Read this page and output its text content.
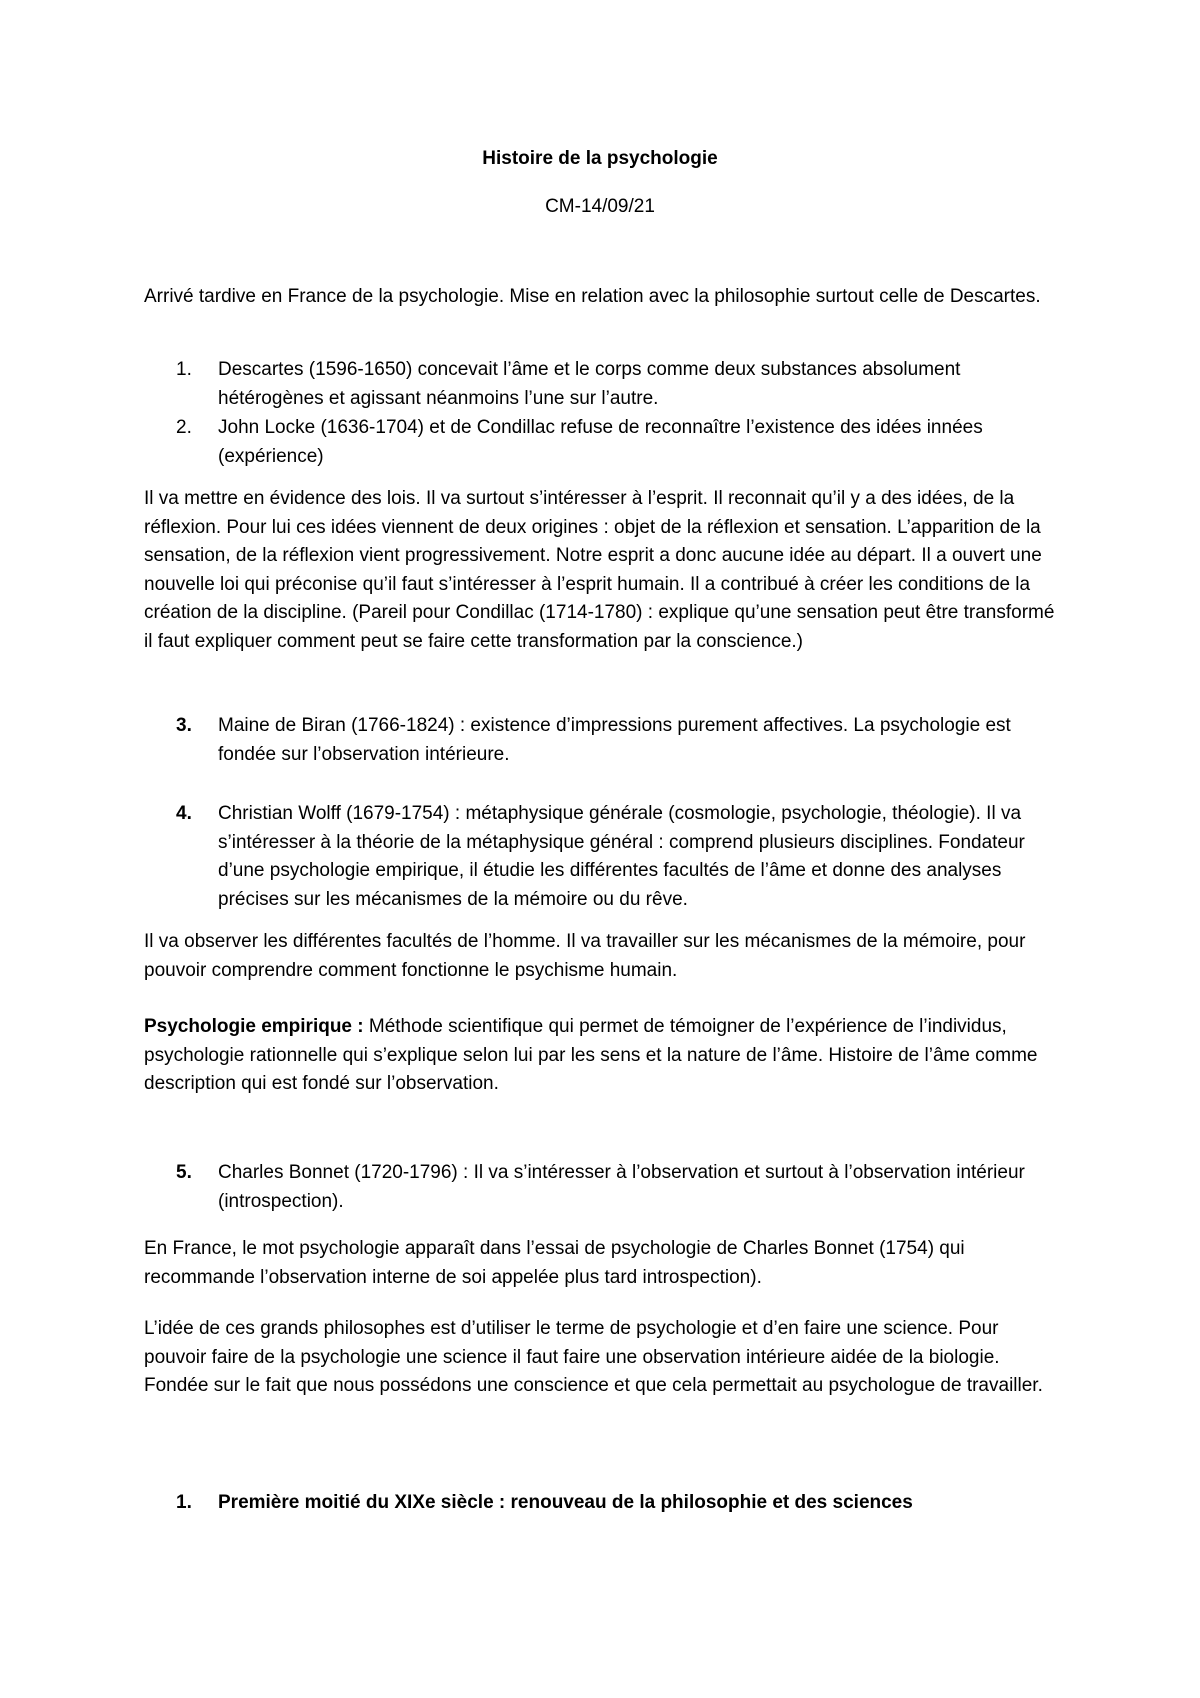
Histoire de la psychologie

CM-14/09/21

Arrivé tardive en France de la psychologie. Mise en relation avec la philosophie surtout celle de Descartes.

1.	Descartes (1596-1650) concevait l’âme et le corps comme deux substances absolument hétérogènes et agissant néanmoins l’une sur l’autre.
2.	John Locke (1636-1704) et de Condillac refuse de reconnaître l’existence des idées innées (expérience)

Il va mettre en évidence des lois. Il va surtout s’intéresser à l’esprit. Il reconnait qu’il y a des idées, de la réflexion. Pour lui ces idées viennent de deux origines : objet de la réflexion et sensation. L’apparition de la sensation, de la réflexion vient progressivement. Notre esprit a donc aucune idée au départ. Il a ouvert une nouvelle loi qui préconise qu’il faut s’intéresser à l’esprit humain. Il a contribué à créer les conditions de la création de la discipline. (Pareil pour Condillac (1714-1780) : explique qu’une sensation peut être transformé il faut expliquer comment peut se faire cette transformation par la conscience.)

3.	Maine de Biran (1766-1824) : existence d’impressions purement affectives. La psychologie est fondée sur l’observation intérieure.
4.	Christian Wolff (1679-1754) : métaphysique générale (cosmologie, psychologie, théologie). Il va s’intéresser à la théorie de la métaphysique général : comprend plusieurs disciplines. Fondateur d’une psychologie empirique, il étudie les différentes facultés de l’âme et donne des analyses précises sur les mécanismes de la mémoire ou du rêve.

Il va observer les différentes facultés de l’homme. Il va travailler sur les mécanismes de la mémoire, pour pouvoir comprendre comment fonctionne le psychisme humain.

Psychologie empirique : Méthode scientifique qui permet de témoigner de l’expérience de l’individus, psychologie rationnelle qui s’explique selon lui par les sens et la nature de l’âme. Histoire de l’âme comme description qui est fondé sur l’observation.

5.	Charles Bonnet (1720-1796) : Il va s’intéresser à l’observation et surtout à l’observation intérieur (introspection).

En France, le mot psychologie apparaît dans l’essai de psychologie de Charles Bonnet (1754) qui recommande l’observation interne de soi appelée plus tard introspection).

L’idée de ces grands philosophes est d’utiliser le terme de psychologie et d’en faire une science. Pour pouvoir faire de la psychologie une science il faut faire une observation intérieure aidée de la biologie. Fondée sur le fait que nous possédons une conscience et que cela permettait au psychologue de travailler.

1.	Première moitié du XIXe siècle : renouveau de la philosophie et des sciences
